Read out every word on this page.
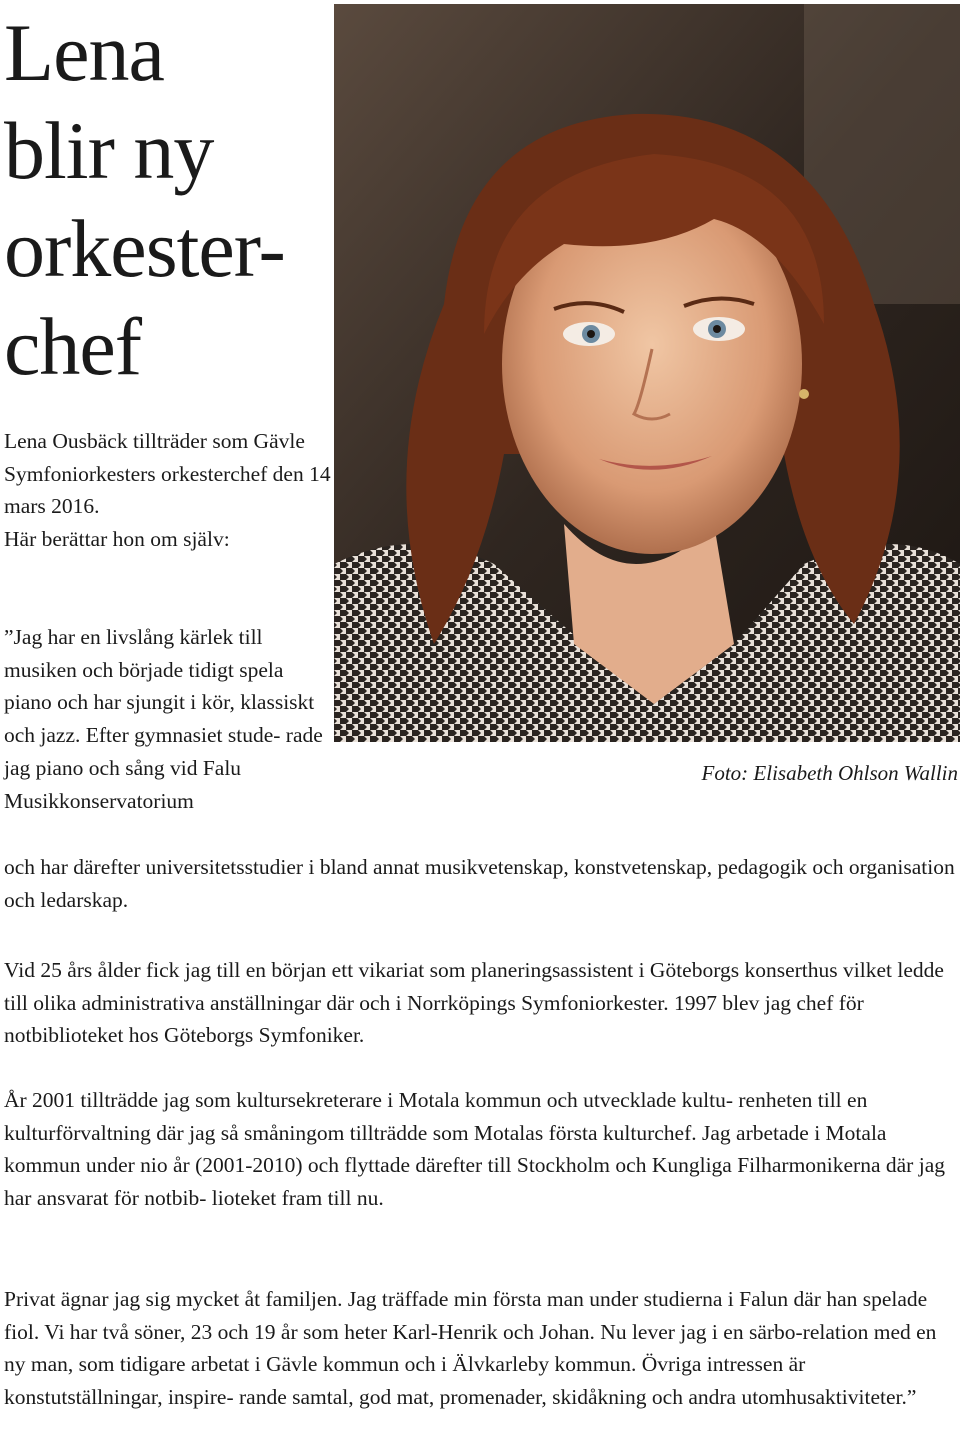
Lena
blir ny
orkester-
chef
Foto: Elisabeth Ohlson Wallin

Lena Ousbäck tillträder som Gävle Symfoniorkesters orkesterchef den 14 mars 2016.

Här berättar hon om själv:

”Jag har en livslång kärlek till musiken och började tidigt spela piano och har sjungit i kör, klassiskt och jazz. Efter gymnasiet stude- rade jag piano och sång vid Falu Musikkonservatorium

och har därefter universitetsstudier i bland annat musikvetenskap, konstvetenskap, pedagogik och organisation och ledarskap.

Vid 25 års ålder fick jag till en början ett vikariat som planeringsassistent i Göteborgs konserthus vilket ledde till olika administrativa anställningar där och i Norrköpings Symfoniorkester. 1997 blev jag chef för notbiblioteket hos Göteborgs Symfoniker.

År 2001 tillträdde jag som kultursekreterare i Motala kommun och utvecklade kultu- renheten till en kulturförvaltning där jag så småningom tillträdde som Motalas första kulturchef. Jag arbetade i Motala kommun under nio år (2001-2010) och flyttade därefter till Stockholm och Kungliga Filharmonikerna där jag har ansvarat för notbib- lioteket fram till nu.

Privat ägnar jag sig mycket åt familjen. Jag träffade min första man under studierna i Falun där han spelade fiol. Vi har två söner, 23 och 19 år som heter Karl-Henrik och Johan. Nu lever jag i en särbo-relation med en ny man, som tidigare arbetat i Gävle kommun och i Älvkarleby kommun. Övriga intressen är konstutställningar, inspire- rande samtal, god mat, promenader, skidåkning och andra utomhusaktiviteter.”
